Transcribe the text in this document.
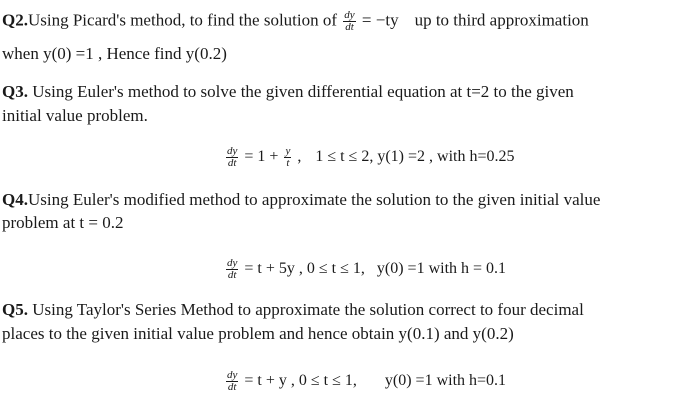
Q2.Using Picard's method, to find the solution of $\frac{dy}{dt} = -ty$ up to third approximation
when y(0) =1 , Hence find y(0.2)
Q3. Using Euler's method to solve the given differential equation at t=2 to the given
initial value problem.
$\frac{dy}{dt} = 1 + \frac{y}{t}$ , 1 ≤ t ≤ 2, y(1) =2 , with h=0.25
Q4.Using Euler's modified method to approximate the solution to the given initial value
problem at t = 0.2
$\frac{dy}{dt} = t + 5y$ , 0 ≤ t ≤ 1, y(0) =1 with h = 0.1
Q5. Using Taylor's Series Method to approximate the solution correct to four decimal
places to the given initial value problem and hence obtain y(0.1) and y(0.2)
$\frac{dy}{dt} = t + y$ , 0 ≤ t ≤ 1, y(0) =1 with h=0.1
